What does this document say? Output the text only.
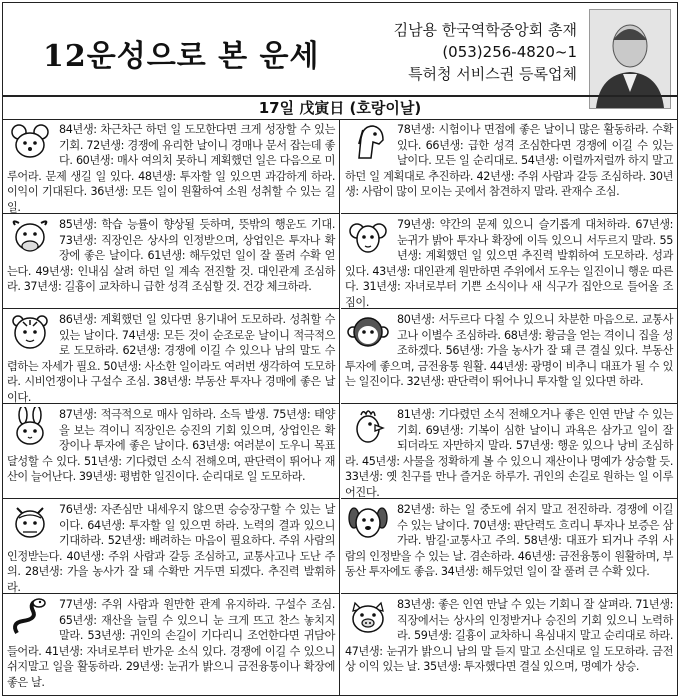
12운성으로 본 운세
김남용 한국역학중앙회 총재
(053)256-4820~1
특허청 서비스권 등록업체
17일 戊寅日 (호랑이날)
84년생: 차근차근 하던 일 도모한다면 크게 성장할 수 있는 기회. 72년생: 경쟁에 유리한 날이니 경매나 문서 잡는데 좋다. 60년생: 매사 여의치 못하니 계획했던 일은 다음으로 미루어라. 문제 생길 일 있다. 48년생: 투자할 일 있으면 과감하게 하라. 이익이 기대된다. 36년생: 모든 일이 원활하여 소원 성취할 수 있는 길일.
85년생: 학습 능률이 향상될 듯하며, 뜻밖의 행운도 기대. 73년생: 직장인은 상사의 인정받으며, 상업인은 투자나 확장에 좋은 날이다. 61년생: 해두었던 일이 잘 풀려 수확 얻는다. 49년생: 인내심 살려 하던 일 계속 전진할 것. 대인관계 조심하라. 37년생: 길흉이 교차하니 급한 성격 조심할 것. 건강 체크하라.
86년생: 계획했던 일 있다면 용기내어 도모하라. 성취할 수 있는 날이다. 74년생: 모든 것이 순조로운 날이니 적극적으로 도모하라. 62년생: 경쟁에 이길 수 있으나 남의 말도 수렴하는 자세가 필요. 50년생: 사소한 일이라도 여러번 생각하여 도모하라. 시비언쟁이나 구설수 조심. 38년생: 부동산 투자나 경매에 좋은 날이다.
87년생: 적극적으로 매사 임하라. 소득 발생. 75년생: 태양을 보는 격이니 직장인은 승진의 기회 있으며, 상업인은 확장이나 투자에 좋은 날이다. 63년생: 여러분이 도우니 목표 달성할 수 있다. 51년생: 기다렸던 소식 전해오며, 판단력이 뛰어나 재산이 늘어난다. 39년생: 평범한 일진이다. 순리대로 일 도모하라.
76년생: 자존심만 내세우지 않으면 승승장구할 수 있는 날이다. 64년생: 투자할 일 있으면 하라. 노력의 결과 있으니 기대하라. 52년생: 배려하는 마음이 필요하다. 주위 사람의 인정받는다. 40년생: 주위 사람과 갈등 조심하고, 교통사고나 도난 주의. 28년생: 가을 농사가 잘 돼 수확만 거두면 되겠다. 추진력 발휘하라.
77년생: 주위 사람과 원만한 관계 유지하라. 구설수 조심. 65년생: 재산을 늘릴 수 있으니 눈 크게 뜨고 찬스 놓치지 말라. 53년생: 귀인의 손길이 기다리니 조언한다면 귀담아 들어라. 41년생: 자녀로부터 반가운 소식 있다. 경쟁에 이길 수 있으니 쉬지말고 일을 활동하라. 29년생: 눈귀가 밝으니 금전융통이나 확장에 좋은 날.
78년생: 시험이나 면접에 좋은 날이니 많은 활동하라. 수확 있다. 66년생: 급한 성격 조심한다면 경쟁에 이길 수 있는 날이다. 모든 일 순리대로. 54년생: 이럴까저럴까 하지 말고 하던 일 계획대로 추진하라. 42년생: 주위 사람과 갈등 조심하라. 30년생: 사람이 많이 모이는 곳에서 참견하지 말라. 관재수 조심.
79년생: 약간의 문제 있으니 슬기롭게 대처하라. 67년생: 눈귀가 밝아 투자나 확장에 이득 있으니 서두르지 말라. 55년생: 계획했던 일 있으면 추진력 발휘하여 도모하라. 성과 있다. 43년생: 대인관계 원만하면 주위에서 도우는 일진이니 행운 따른다. 31년생: 자녀로부터 기쁜 소식이나 새 식구가 집안으로 들어올 조짐이.
80년생: 서두르다 다칠 수 있으니 차분한 마음으로. 교통사고나 이별수 조심하라. 68년생: 황금을 얻는 격이니 집을 성조하겠다. 56년생: 가을 농사가 잘 돼 큰 결실 있다. 부동산 투자에 좋으며, 금전융통 원활. 44년생: 광명이 비추니 대표가 될 수 있는 일진이다. 32년생: 판단력이 뛰어나니 투자할 일 있다면 하라.
81년생: 기다렸던 소식 전해오거나 좋은 인연 만날 수 있는 기회. 69년생: 기복이 심한 날이니 과욕은 삼가고 일이 잘 되더라도 자만하지 말라. 57년생: 행운 있으나 낭비 조심하라. 45년생: 사물을 정확하게 볼 수 있으니 재산이나 명예가 상승할 듯. 33년생: 옛 친구를 만나 즐거운 하루가. 귀인의 손길로 원하는 일 이루어진다.
82년생: 하는 일 중도에 쉬지 말고 전진하라. 경쟁에 이길 수 있는 날이다. 70년생: 판단력도 흐리니 투자나 보증은 삼가라. 밤길·교통사고 주의. 58년생: 대표가 되거나 주위 사람의 인정받을 수 있는 날. 겸손하라. 46년생: 금전융통이 원활하며, 부동산 투자에도 좋음. 34년생: 해두었던 일이 잘 풀려 큰 수확 있다.
83년생: 좋은 인연 만날 수 있는 기회니 잘 살펴라. 71년생: 직장에서는 상사의 인정받거나 승진의 기회 있으니 노력하라. 59년생: 길흉이 교차하니 욕심내지 말고 순리대로 하라. 47년생: 눈귀가 밝으니 남의 말 듣지 말고 소신대로 일 도모하라. 금전상 이익 있는 날. 35년생: 투자했다면 결실 있으며, 명예가 상승.
